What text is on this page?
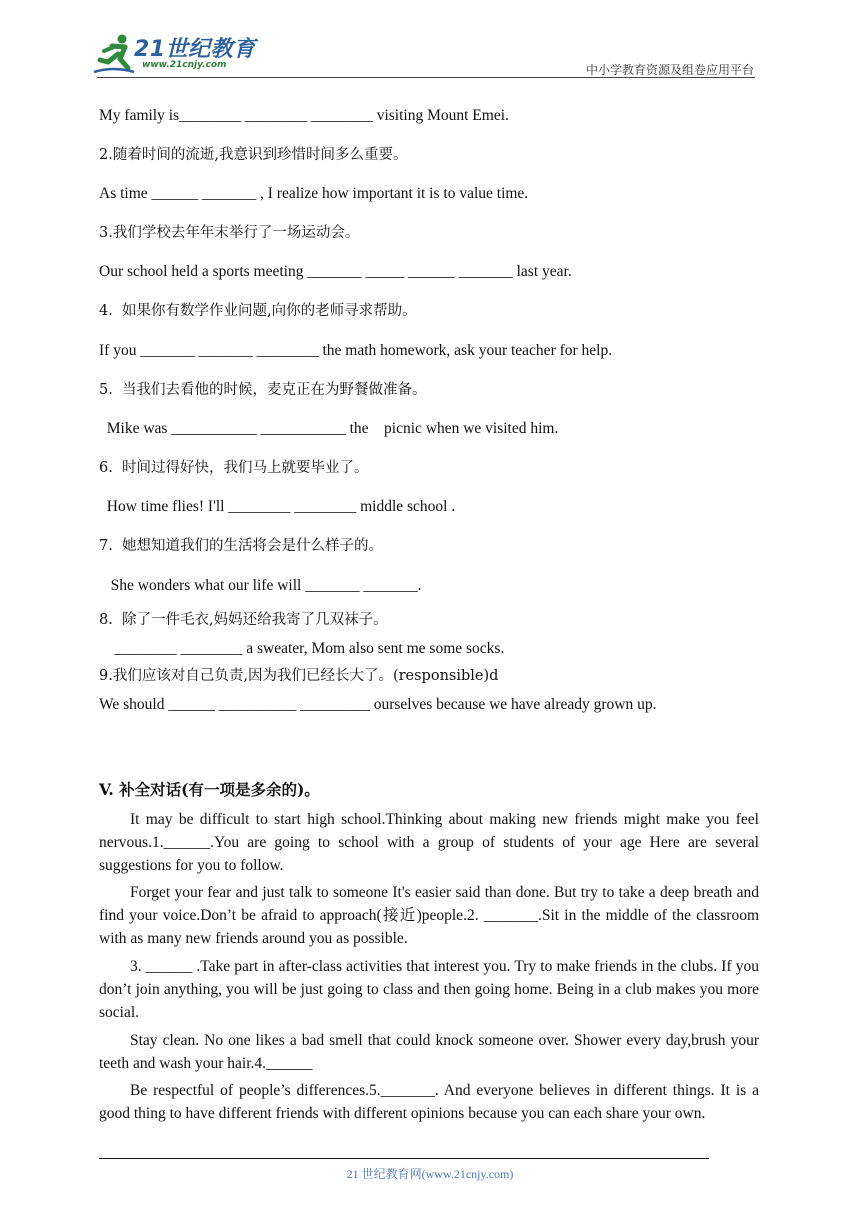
21世纪教育
www.21cnjy.com	中小学教育资源及组卷应用平台
My family is________ ________ ________ visiting Mount Emei.
2.随着时间的流逝,我意识到珍惜时间多么重要。
As time ______ _______ , I realize how important it is to value time.
3.我们学校去年年末举行了一场运动会。
Our school held a sports meeting _______ _____ ______ _______ last year.
4.  如果你有数学作业问题,向你的老师寻求帮助。
If you _______ _______ ________ the math homework, ask your teacher for help.
5.  当我们去看他的时候，麦克正在为野餐做准备。
Mike was ___________ ___________ the    picnic when we visited him.
6.  时间过得好快，我们马上就要毕业了。
How time flies! I'll ________ ________ middle school .
7.  她想知道我们的生活将会是什么样子的。
She wonders what our life will _______ _______.
8.  除了一件毛衣,妈妈还给我寄了几双袜子。
________ ________ a sweater, Mom also sent me some socks.
9.我们应该对自己负责,因为我们已经长大了。(responsible)d
We should ______ __________ _________ ourselves because we have already grown up.
V. 补全对话(有一项是多余的)。
It may be difficult to start high school.Thinking about making new friends might make you feel nervous.1.______.You are going to school with a group of students of your age Here are several suggestions for you to follow.
Forget your fear and just talk to someone It's easier said than done. But try to take a deep breath and find your voice.Don’t be afraid to approach(接近)people.2. _______.Sit in the middle of the classroom with as many new friends around you as possible.
3. ______ .Take part in after-class activities that interest you. Try to make friends in the clubs. If you don’t join anything, you will be just going to class and then going home. Being in a club makes you more social.
Stay clean. No one likes a bad smell that could knock someone over. Shower every day,brush your teeth and wash your hair.4.______
Be respectful of people’s differences.5._______. And everyone believes in different things. It is a good thing to have different friends with different opinions because you can each share your own.
21 世纪教育网(www.21cnjy.com)
